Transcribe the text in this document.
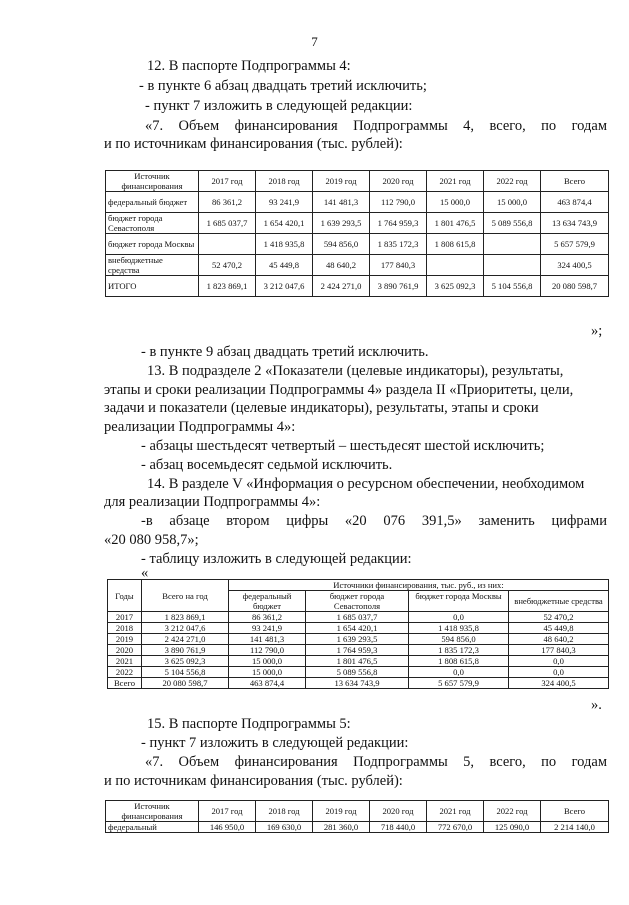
7
12. В паспорте Подпрограммы 4:
- в пункте 6 абзац двадцать третий исключить;
- пункт 7 изложить в следующей редакции:
«7. Объем финансирования Подпрограммы 4, всего, по годам
и по источникам финансирования (тыс. рублей):
Источник финансирования	2017 год	2018 год	2019 год	2020 год	2021 год	2022 год	Всего
федеральный бюджет	86 361,2	93 241,9	141 481,3	112 790,0	15 000,0	15 000,0	463 874,4
бюджет города Севастополя	1 685 037,7	1 654 420,1	1 639 293,5	1 764 959,3	1 801 476,5	5 089 556,8	13 634 743,9
бюджет города Москвы		1 418 935,8	594 856,0	1 835 172,3	1 808 615,8		5 657 579,9
внебюджетные средства	52 470,2	45 449,8	48 640,2	177 840,3			324 400,5
ИТОГО	1 823 869,1	3 212 047,6	2 424 271,0	3 890 761,9	3 625 092,3	5 104 556,8	20 080 598,7
»;
- в пункте 9 абзац двадцать третий исключить.
13. В подразделе 2 «Показатели (целевые индикаторы), результаты,
этапы и сроки реализации Подпрограммы 4» раздела II «Приоритеты, цели,
задачи и показатели (целевые индикаторы), результаты, этапы и сроки
реализации Подпрограммы 4»:
- абзацы шестьдесят четвертый – шестьдесят шестой исключить;
- абзац восемьдесят седьмой исключить.
14. В разделе V «Информация о ресурсном обеспечении, необходимом
для реализации Подпрограммы 4»:
-в абзаце втором цифры «20 076 391,5» заменить цифрами
«20 080 958,7»;
- таблицу изложить в следующей редакции:
«
Годы	Всего на год	Источники финансирования, тыс. руб., из них:			
		федеральный бюджет	бюджет города Севастополя	бюджет города Москвы	внебюджетные средства
2017	1 823 869,1	86 361,2	1 685 037,7	0,0	52 470,2
2018	3 212 047,6	93 241,9	1 654 420,1	1 418 935,8	45 449,8
2019	2 424 271,0	141 481,3	1 639 293,5	594 856,0	48 640,2
2020	3 890 761,9	112 790,0	1 764 959,3	1 835 172,3	177 840,3
2021	3 625 092,3	15 000,0	1 801 476,5	1 808 615,8	0,0
2022	5 104 556,8	15 000,0	5 089 556,8	0,0	0,0
Всего	20 080 598,7	463 874,4	13 634 743,9	5 657 579,9	324 400,5
».
15. В паспорте Подпрограммы 5:
- пункт 7 изложить в следующей редакции:
«7. Объем финансирования Подпрограммы 5, всего, по годам
и по источникам финансирования (тыс. рублей):
Источник финансирования	2017 год	2018 год	2019 год	2020 год	2021 год	2022 год	Всего
федеральный	146 950,0	169 630,0	281 360,0	718 440,0	772 670,0	125 090,0	2 214 140,0
